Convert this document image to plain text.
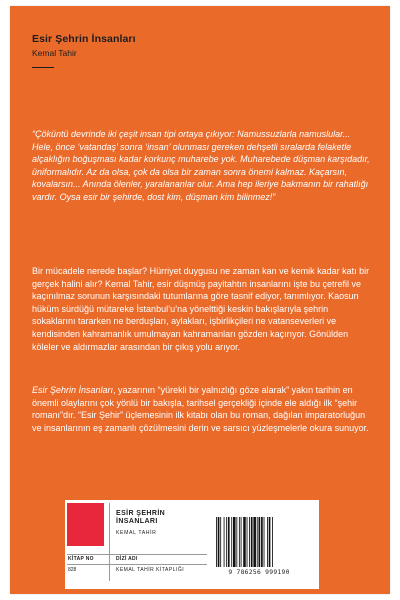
Esir Şehrin İnsanları
Kemal Tahir

“Çöküntü devrinde iki çeşit insan tipi ortaya çıkıyor: Namussuzlarla namuslular... Hele, önce ‘vatandaş’ sonra ‘insan’ olunması gereken dehşetli sıralarda felaketle alçaklığın boğuşması kadar korkunç muharebe yok. Muharebede düşman karşıdadır, üniformalıdır. Az da olsa, çok da olsa bir zaman sonra önemi kalmaz. Kaçarsın, kovalarsın... Anında ölenler, yaralananlar olur. Ama hep ileriye bakmanın bir rahatlığı vardır. Oysa esir bir şehirde, dost kim, düşman kim bilinmez!”

Bir mücadele nerede başlar? Hürriyet duygusu ne zaman kan ve kemik kadar katı bir gerçek halini alır? Kemal Tahir, esir düşmüş payitahtın insanlarını işte bu çetrefil ve kaçınılmaz sorunun karşısındaki tutumlarına göre tasnif ediyor, tanımlıyor. Kaosun hüküm sürdüğü mütareke İstanbul’u’na yönelttiği keskin bakışlarıyla şehrin sokaklarını tararken ne berduşları, aylakları, işbirlikçileri ne vatanseverleri ve kendisinden kahramanlık umulmayan kahramanları gözden kaçırıyor. Gönülden köleler ve aldırmazlar arasından bir çıkış yolu arıyor.

Esir Şehrin İnsanları, yazarının “yürekli bir yalnızlığı göze alarak” yakın tarihin en önemli olaylarını çok yönlü bir bakışla, tarihsel gerçekliği içinde ele aldığı ilk “şehir romanı”dır. “Esir Şehir” üçlemesinin ilk kitabı olan bu roman, dağılan imparatorluğun ve insanlarının eş zamanlı çözülmesini derin ve sarsıcı yüzleşmelerle okura sunuyor.

ESİR ŞEHRİN İNSANLARI
KEMAL TAHİR
KİTAP NO	DİZİ ADI
828	KEMAL TAHİR KİTAPLIĞI	9 786256 999190
